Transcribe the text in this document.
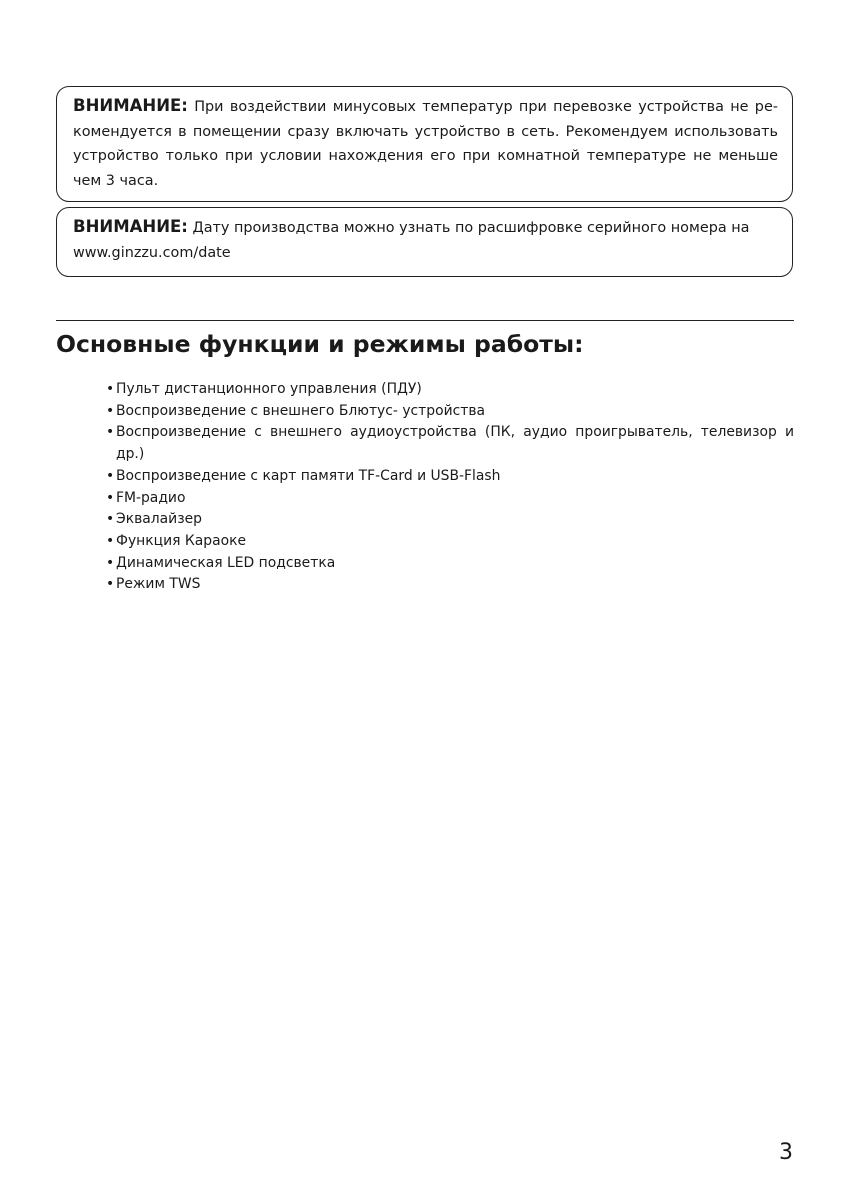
ВНИМАНИЕ: При воздействии минусовых температур при перевозке устройства не ре-комендуется в помещении сразу включать устройство в сеть. Рекомендуем использовать устройство только при условии нахождения его при комнатной температуре не меньше чем 3 часа.
ВНИМАНИЕ: Дату производства можно узнать по расшифровке серийного номера на www.ginzzu.com/date
Основные функции и режимы работы:
• Пульт дистанционного управления (ПДУ)
• Воспроизведение с внешнего Блютус- устройства
• Воспроизведение с внешнего аудиоустройства (ПК, аудио проигрыватель, телевизор и др.)
• Воспроизведение с карт памяти TF-Card и USB-Flash
• FM-радио
• Эквалайзер
• Функция Караоке
• Динамическая LED подсветка
• Режим TWS
3
